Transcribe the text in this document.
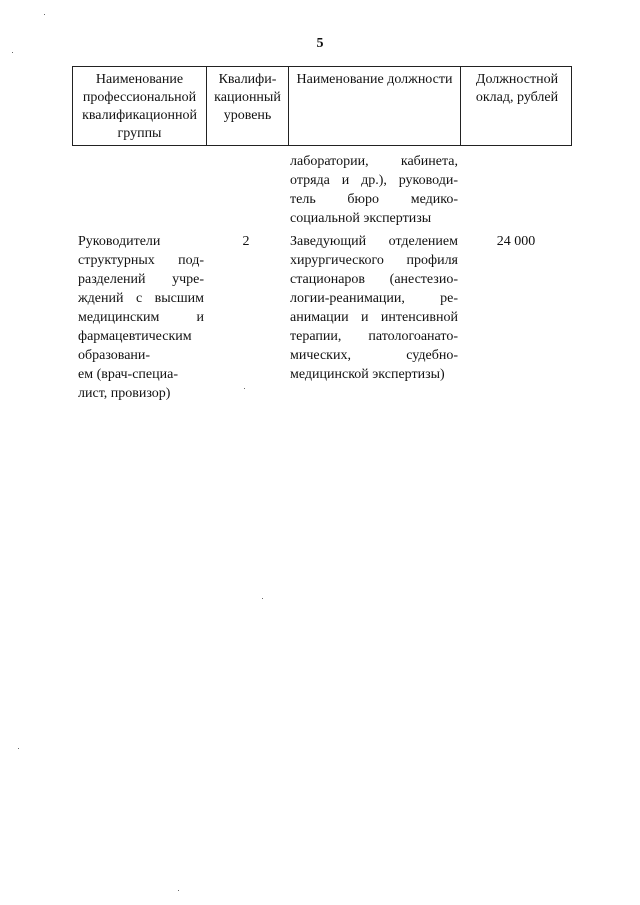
5
Наименование
профессиональной
квалификационной
группы
Квалифи-
кационный
уровень
Наименование должности	Должностной
оклад, рублей
лаборатории, кабинета,
отряда и др.), руководи-
тель бюро медико-
социальной экспертизы
Руководители
структурных под-
разделений учре-
ждений с высшим
медицинским и
фармацевтическим
образовани-
ем (врач-специа-
лист, провизор)
2	Заведующий отделением
хирургического профиля
стационаров (анестезио-
логии-реанимации, ре-
анимации и интенсивной
терапии, патологоанато-
мических, судебно-
медицинской экспертизы)
24 000
